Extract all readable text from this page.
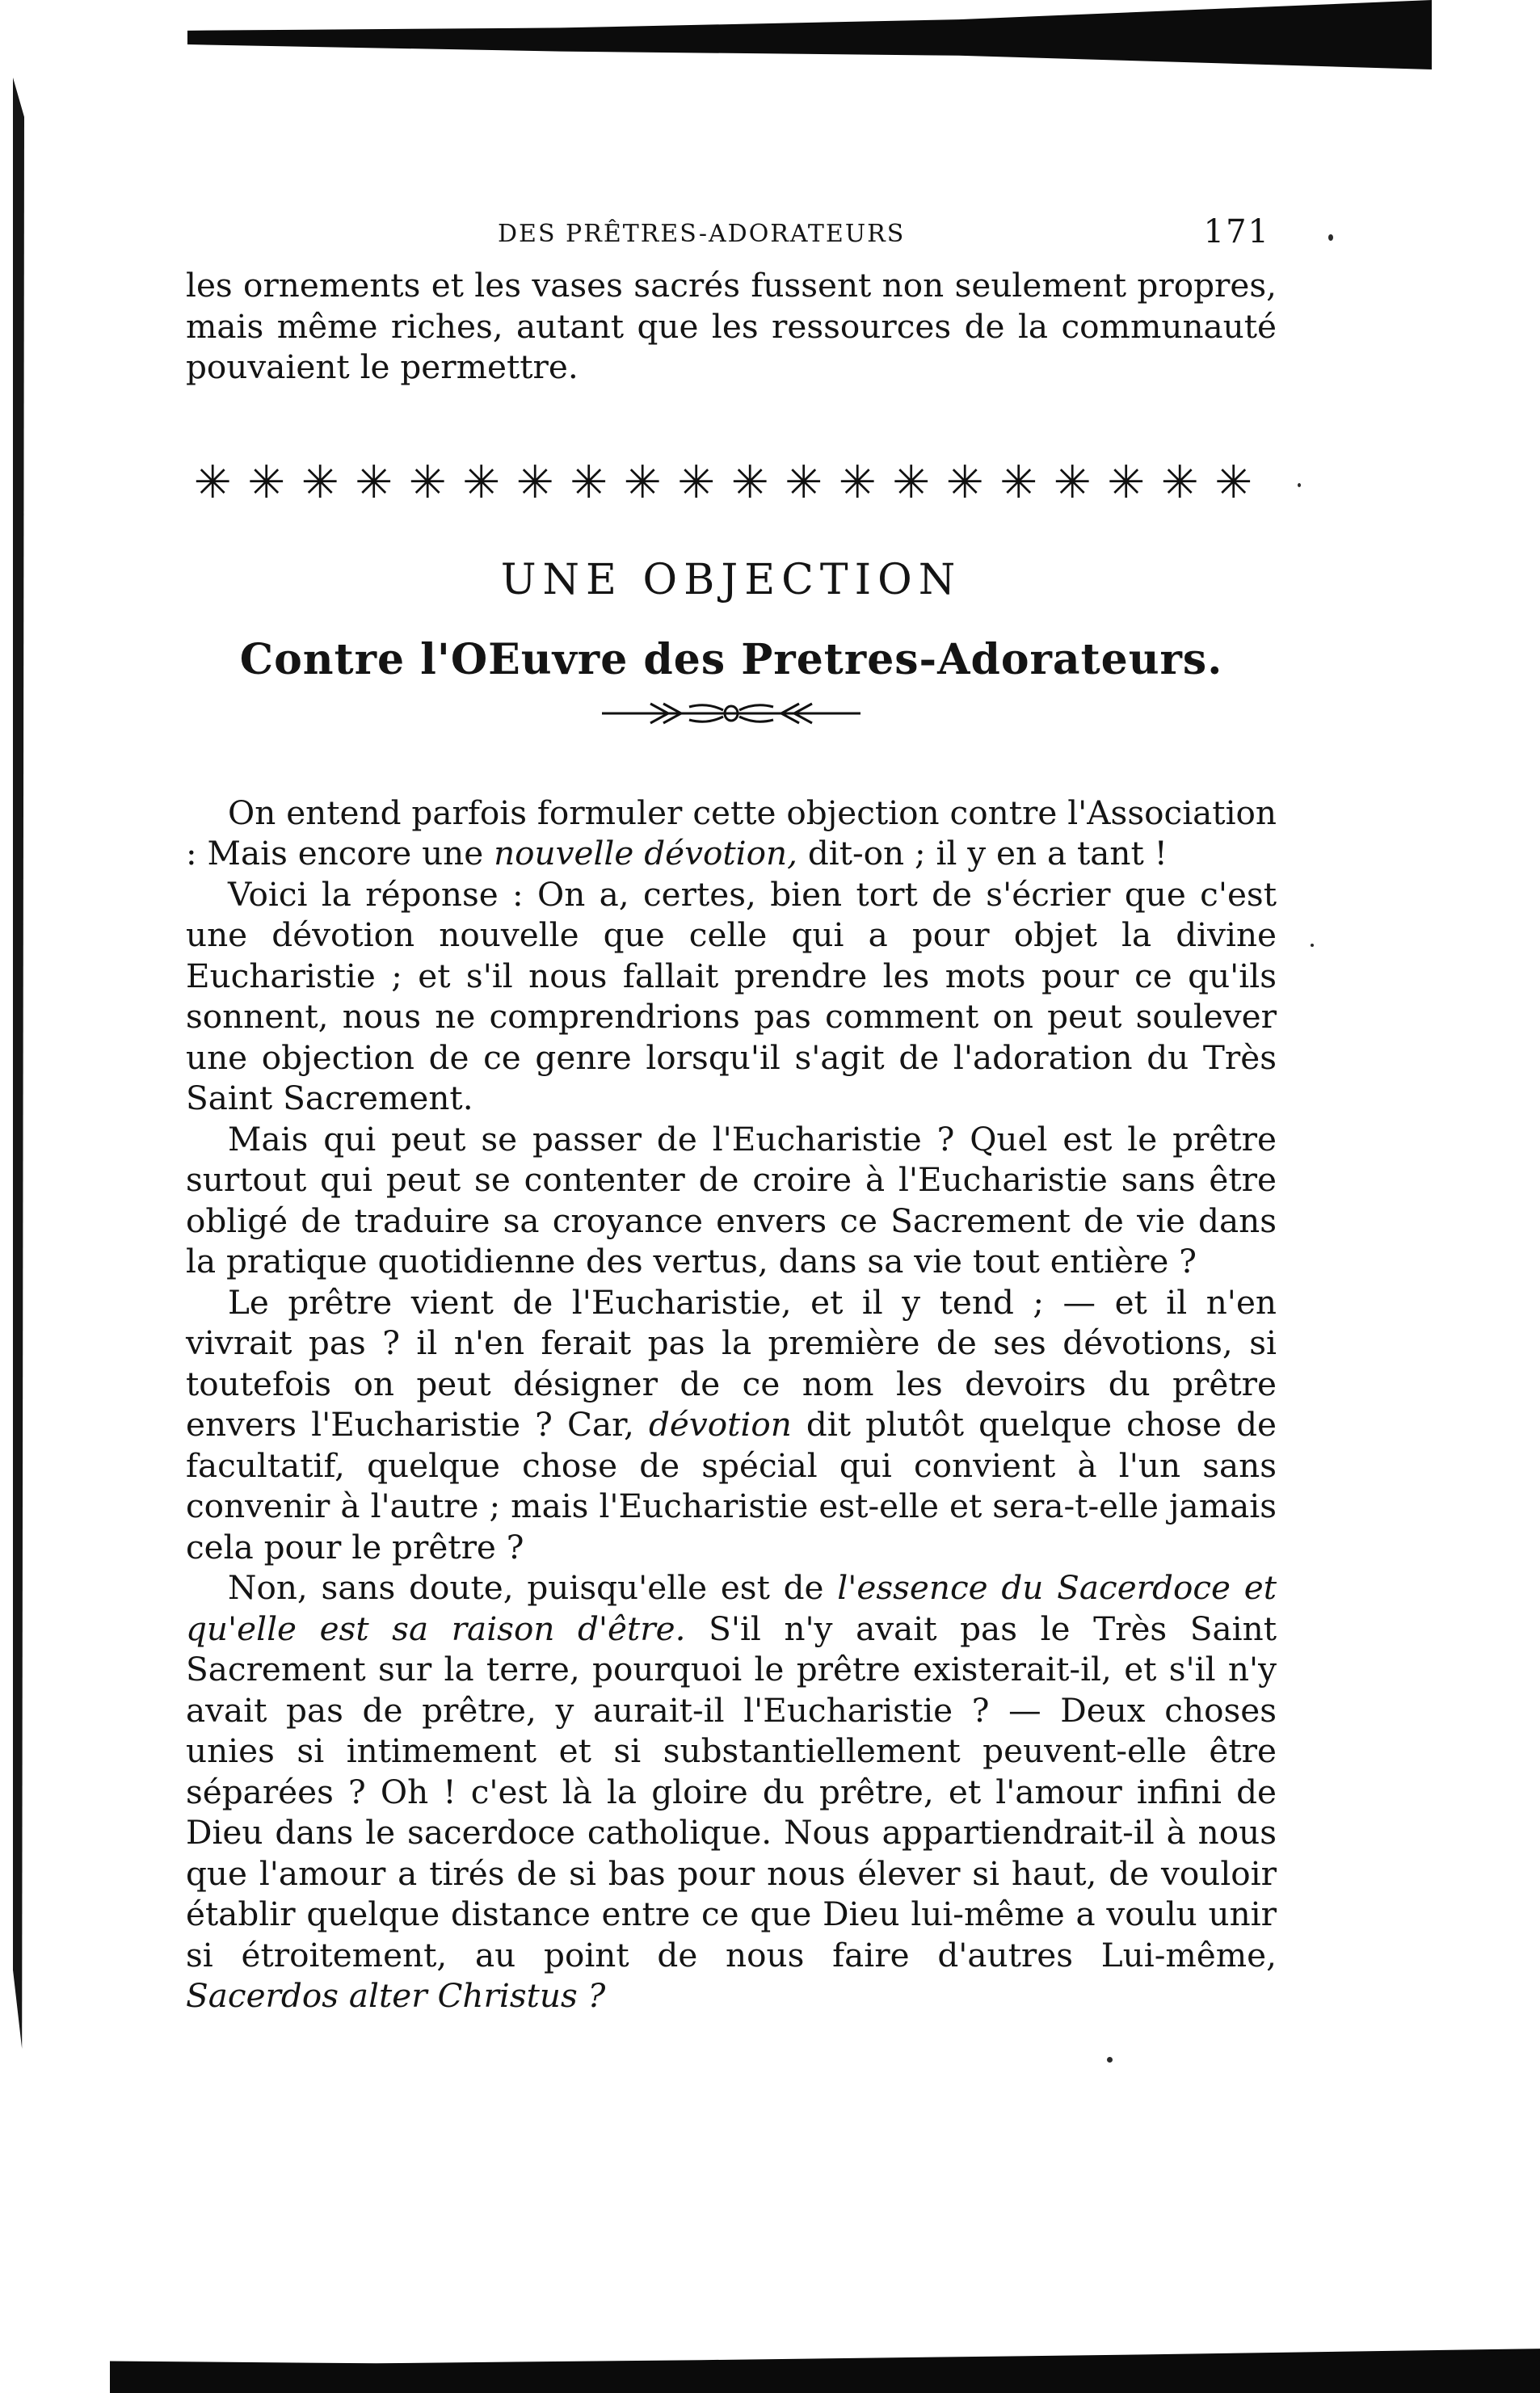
DES PRÊTRES-ADORATEURS	171

les ornements et les vases sacrés fussent non seulement propres, mais même riches, autant que les ressources de la communauté pouvaient le permettre.

✳ ✳ ✳ ✳ ✳ ✳ ✳ ✳ ✳ ✳ ✳ ✳ ✳ ✳ ✳ ✳ ✳ ✳ ✳ ✳
UNE OBJECTION
Contre l'OEuvre des Pretres-Adorateurs.

On entend parfois formuler cette objection contre l'Association : Mais encore une nouvelle dévotion, dit-on ; il y en a tant !

Voici la réponse : On a, certes, bien tort de s'écrier que c'est une dévotion nouvelle que celle qui a pour objet la divine Eucharistie ; et s'il nous fallait prendre les mots pour ce qu'ils sonnent, nous ne comprendrions pas comment on peut soulever une objection de ce genre lorsqu'il s'agit de l'adoration du Très Saint Sacrement.

Mais qui peut se passer de l'Eucharistie ? Quel est le prêtre surtout qui peut se contenter de croire à l'Eucharistie sans être obligé de traduire sa croyance envers ce Sacrement de vie dans la pratique quotidienne des vertus, dans sa vie tout entière ?

Le prêtre vient de l'Eucharistie, et il y tend ; — et il n'en vivrait pas ? il n'en ferait pas la première de ses dévotions, si toutefois on peut désigner de ce nom les devoirs du prêtre envers l'Eucharistie ? Car, dévotion dit plutôt quelque chose de facultatif, quelque chose de spécial qui convient à l'un sans convenir à l'autre ; mais l'Eucharistie est-elle et sera-t-elle jamais cela pour le prêtre ?

Non, sans doute, puisqu'elle est de l'essence du Sacerdoce et qu'elle est sa raison d'être. S'il n'y avait pas le Très Saint Sacrement sur la terre, pourquoi le prêtre existerait-il, et s'il n'y avait pas de prêtre, y aurait-il l'Eucharistie ? — Deux choses unies si intimement et si substantiellement peuvent-elle être séparées ? Oh ! c'est là la gloire du prêtre, et l'amour infini de Dieu dans le sacerdoce catholique. Nous appartiendrait-il à nous que l'amour a tirés de si bas pour nous élever si haut, de vouloir établir quelque distance entre ce que Dieu lui-même a voulu unir si étroitement, au point de nous faire d'autres Lui-même, Sacerdos alter Christus ?
